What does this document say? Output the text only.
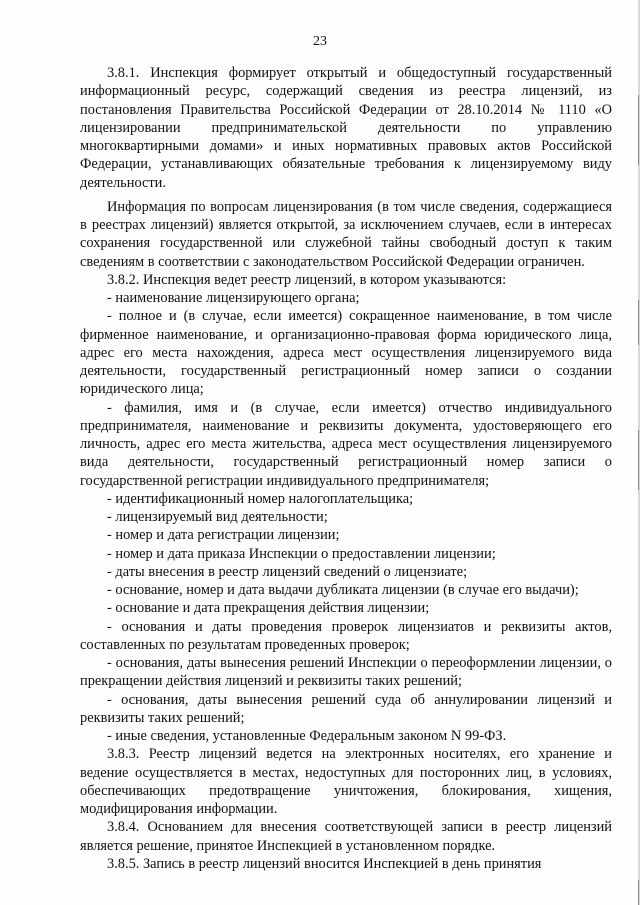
23

3.8.1. Инспекция формирует открытый и общедоступный государственный информационный ресурс, содержащий сведения из реестра лицензий, из постановления Правительства Российской Федерации от 28.10.2014 № 1110 «О лицензировании предпринимательской деятельности по управлению многоквартирными домами» и иных нормативных правовых актов Российской Федерации, устанавливающих обязательные требования к лицензируемому виду деятельности.

Информация по вопросам лицензирования (в том числе сведения, содержащиеся в реестрах лицензий) является открытой, за исключением случаев, если в интересах сохранения государственной или служебной тайны свободный доступ к таким сведениям в соответствии с законодательством Российской Федерации ограничен.

3.8.2. Инспекция ведет реестр лицензий, в котором указываются:

- наименование лицензирующего органа;

- полное и (в случае, если имеется) сокращенное наименование, в том числе фирменное наименование, и организационно-правовая форма юридического лица, адрес его места нахождения, адреса мест осуществления лицензируемого вида деятельности, государственный регистрационный номер записи о создании юридического лица;

- фамилия, имя и (в случае, если имеется) отчество индивидуального предпринимателя, наименование и реквизиты документа, удостоверяющего его личность, адрес его места жительства, адреса мест осуществления лицензируемого вида деятельности, государственный регистрационный номер записи о государственной регистрации индивидуального предпринимателя;

- идентификационный номер налогоплательщика;

- лицензируемый вид деятельности;

- номер и дата регистрации лицензии;

- номер и дата приказа Инспекции о предоставлении лицензии;

- даты внесения в реестр лицензий сведений о лицензиате;

- основание, номер и дата выдачи дубликата лицензии (в случае его выдачи);

- основание и дата прекращения действия лицензии;

- основания и даты проведения проверок лицензиатов и реквизиты актов, составленных по результатам проведенных проверок;

- основания, даты вынесения решений Инспекции о переоформлении лицензии, о прекращении действия лицензий и реквизиты таких решений;

- основания, даты вынесения решений суда об аннулировании лицензий и реквизиты таких решений;

- иные сведения, установленные Федеральным законом N 99-ФЗ.

3.8.3. Реестр лицензий ведется на электронных носителях, его хранение и ведение осуществляется в местах, недоступных для посторонних лиц, в условиях, обеспечивающих предотвращение уничтожения, блокирования, хищения, модифицирования информации.

3.8.4. Основанием для внесения соответствующей записи в реестр лицензий является решение, принятое Инспекцией в установленном порядке.

3.8.5. Запись в реестр лицензий вносится Инспекцией в день принятия
